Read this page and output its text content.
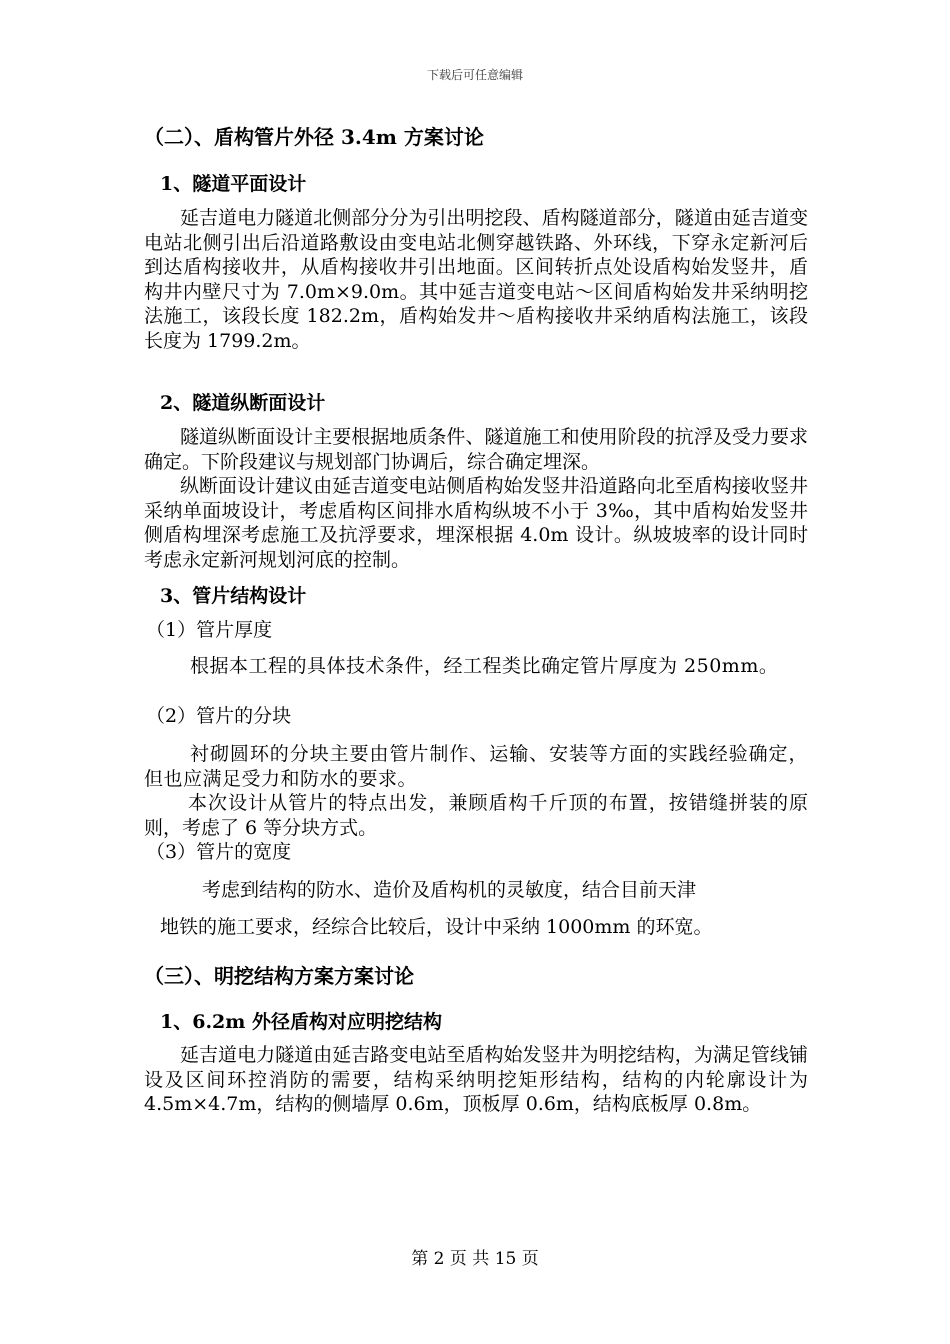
下载后可任意编辑
（二）、盾构管片外径 3.4m 方案讨论
1、隧道平面设计
延吉道电力隧道北侧部分分为引出明挖段、盾构隧道部分，隧道由延吉道变电站北侧引出后沿道路敷设由变电站北侧穿越铁路、外环线，下穿永定新河后到达盾构接收井，从盾构接收井引出地面。区间转折点处设盾构始发竖井，盾构井内壁尺寸为 7.0m×9.0m。其中延吉道变电站～区间盾构始发井采纳明挖法施工，该段长度 182.2m，盾构始发井～盾构接收井采纳盾构法施工，该段长度为 1799.2m。
2、隧道纵断面设计
隧道纵断面设计主要根据地质条件、隧道施工和使用阶段的抗浮及受力要求确定。下阶段建议与规划部门协调后，综合确定埋深。
纵断面设计建议由延吉道变电站侧盾构始发竖井沿道路向北至盾构接收竖井采纳单面坡设计，考虑盾构区间排水盾构纵坡不小于 3‰，其中盾构始发竖井侧盾构埋深考虑施工及抗浮要求，埋深根据 4.0m 设计。纵坡坡率的设计同时考虑永定新河规划河底的控制。
3、管片结构设计
（1）管片厚度
根据本工程的具体技术条件，经工程类比确定管片厚度为 250mm。
（2）管片的分块
衬砌圆环的分块主要由管片制作、运输、安装等方面的实践经验确定，但也应满足受力和防水的要求。
本次设计从管片的特点出发，兼顾盾构千斤顶的布置，按错缝拼装的原则，考虑了 6 等分块方式。
（3）管片的宽度
考虑到结构的防水、造价及盾构机的灵敏度，结合目前天津
地铁的施工要求，经综合比较后，设计中采纳 1000mm 的环宽。
（三）、明挖结构方案方案讨论
1、6.2m 外径盾构对应明挖结构
延吉道电力隧道由延吉路变电站至盾构始发竖井为明挖结构，为满足管线铺设及区间环控消防的需要，结构采纳明挖矩形结构，结构的内轮廓设计为 4.5m×4.7m，结构的侧墙厚 0.6m，顶板厚 0.6m，结构底板厚 0.8m。
第 2 页 共 15 页
